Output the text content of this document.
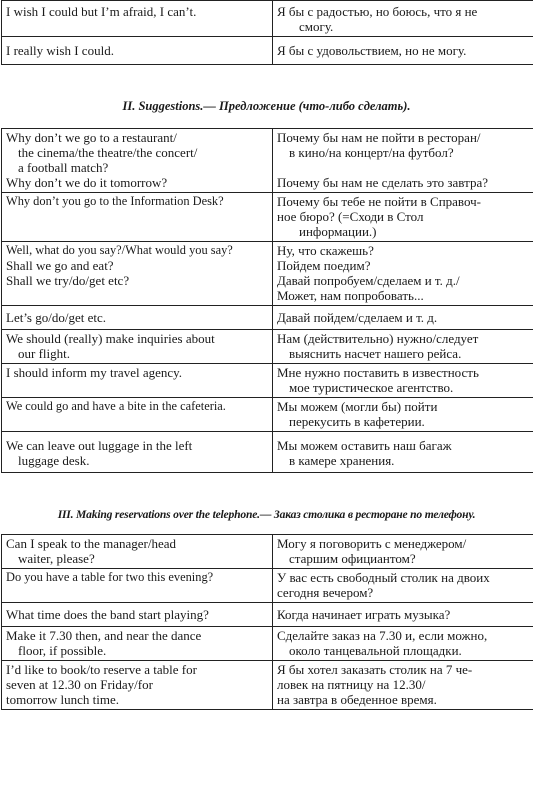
I wish I could but I’m afraid, I can’t.	Я бы с радостью, но боюсь, что я не
смогу.

I really wish I could.	Я бы с удовольствием, но не могу.
II. Suggestions.— Предложение (что-либо сделать).
Why don’t we go to a restaurant/
the cinema/the theatre/the concert/
a football match?
Why don’t we do it tomorrow?	Почему бы нам не пойти в ресторан/
в кино/на концерт/на футбол?

Почему бы нам не сделать это завтра?

Why don’t you go to the Information Desk?	Почему бы тебе не пойти в Справоч-
ное бюро? (=Сходи в Стол
информации.)

Well, what do you say?/What would you say?
Shall we go and eat?
Shall we try/do/get etc?	Ну, что скажешь?
Пойдем поедим?
Давай попробуем/сделаем и т. д./
Может, нам попробовать...

Let’s go/do/get etc.	Давай пойдем/сделаем и т. д.

We should (really) make inquiries about
our flight.	Нам (действительно) нужно/следует
выяснить насчет нашего рейса.

I should inform my travel agency.	Мне нужно поставить в известность
мое туристическое агентство.

We could go and have a bite in the cafeteria.	Мы можем (могли бы) пойти
перекусить в кафетерии.

We can leave out luggage in the left
luggage desk.	Мы можем оставить наш багаж
в камере хранения.
III. Making reservations over the telephone.— Заказ столика в ресторане по телефону.
Can I speak to the manager/head
waiter, please?	Могу я поговорить с менеджером/
старшим официантом?

Do you have a table for two this evening?	У вас есть свободный столик на двоих
сегодня вечером?

What time does the band start playing?	Когда начинает играть музыка?

Make it 7.30 then, and near the dance
floor, if possible.	Сделайте заказ на 7.30 и, если можно,
около танцевальной площадки.

I’d like to book/to reserve a table for
seven at 12.30 on Friday/for
tomorrow lunch time.	Я бы хотел заказать столик на 7 че-
ловек на пятницу на 12.30/
на завтра в обеденное время.
